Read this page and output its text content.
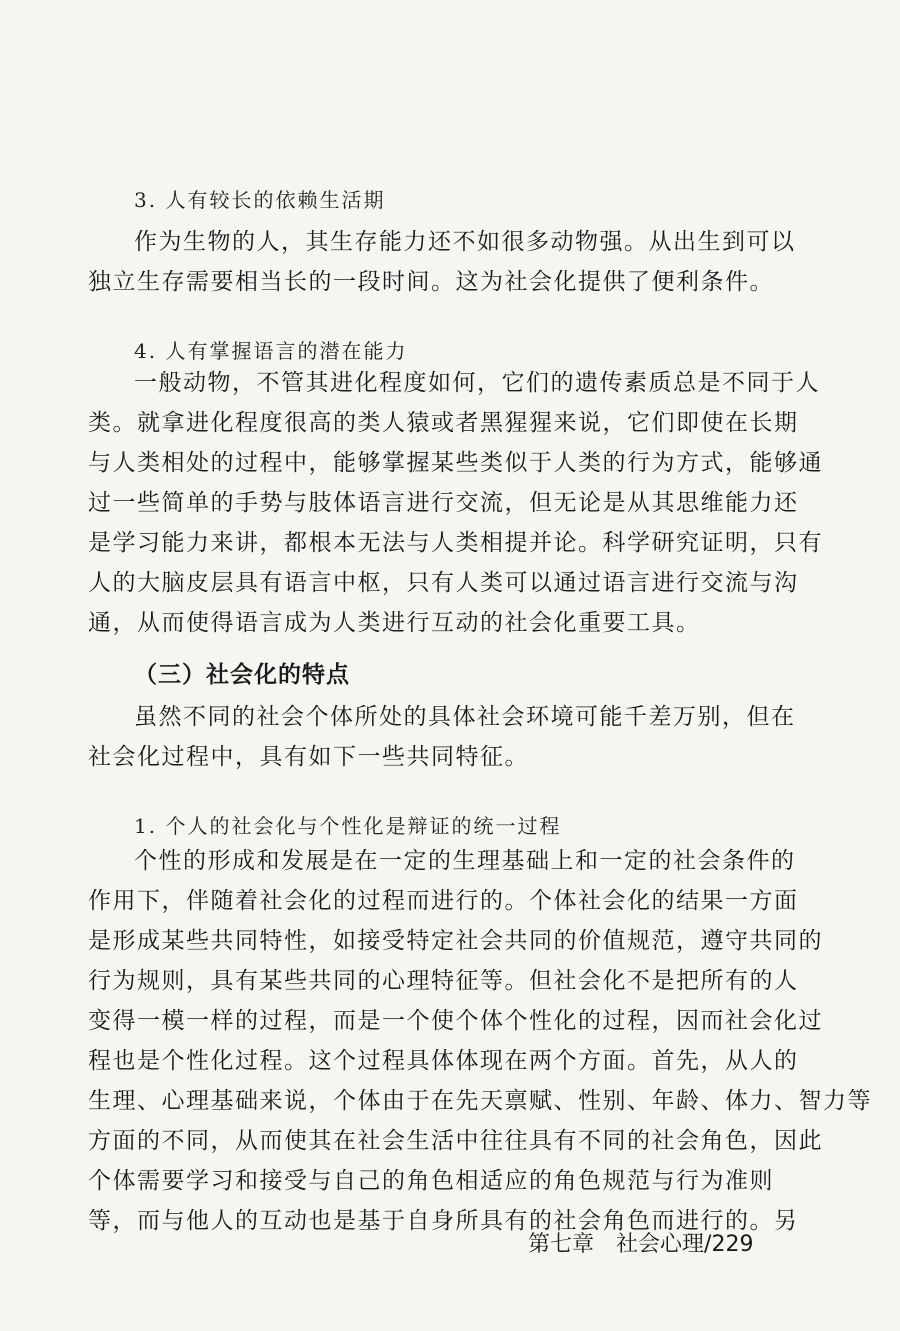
3. 人有较长的依赖生活期
作为生物的人，其生存能力还不如很多动物强。从出生到可以
独立生存需要相当长的一段时间。这为社会化提供了便利条件。
4. 人有掌握语言的潜在能力
一般动物，不管其进化程度如何，它们的遗传素质总是不同于人
类。就拿进化程度很高的类人猿或者黑猩猩来说，它们即使在长期
与人类相处的过程中，能够掌握某些类似于人类的行为方式，能够通
过一些简单的手势与肢体语言进行交流，但无论是从其思维能力还
是学习能力来讲，都根本无法与人类相提并论。科学研究证明，只有
人的大脑皮层具有语言中枢，只有人类可以通过语言进行交流与沟
通，从而使得语言成为人类进行互动的社会化重要工具。
（三）社会化的特点
虽然不同的社会个体所处的具体社会环境可能千差万别，但在
社会化过程中，具有如下一些共同特征。
1. 个人的社会化与个性化是辩证的统一过程
个性的形成和发展是在一定的生理基础上和一定的社会条件的
作用下，伴随着社会化的过程而进行的。个体社会化的结果一方面
是形成某些共同特性，如接受特定社会共同的价值规范，遵守共同的
行为规则，具有某些共同的心理特征等。但社会化不是把所有的人
变得一模一样的过程，而是一个使个体个性化的过程，因而社会化过
程也是个性化过程。这个过程具体体现在两个方面。首先，从人的
生理、心理基础来说，个体由于在先天禀赋、性别、年龄、体力、智力等
方面的不同，从而使其在社会生活中往往具有不同的社会角色，因此
个体需要学习和接受与自己的角色相适应的角色规范与行为准则
等，而与他人的互动也是基于自身所具有的社会角色而进行的。另
第七章 社会心理/229
